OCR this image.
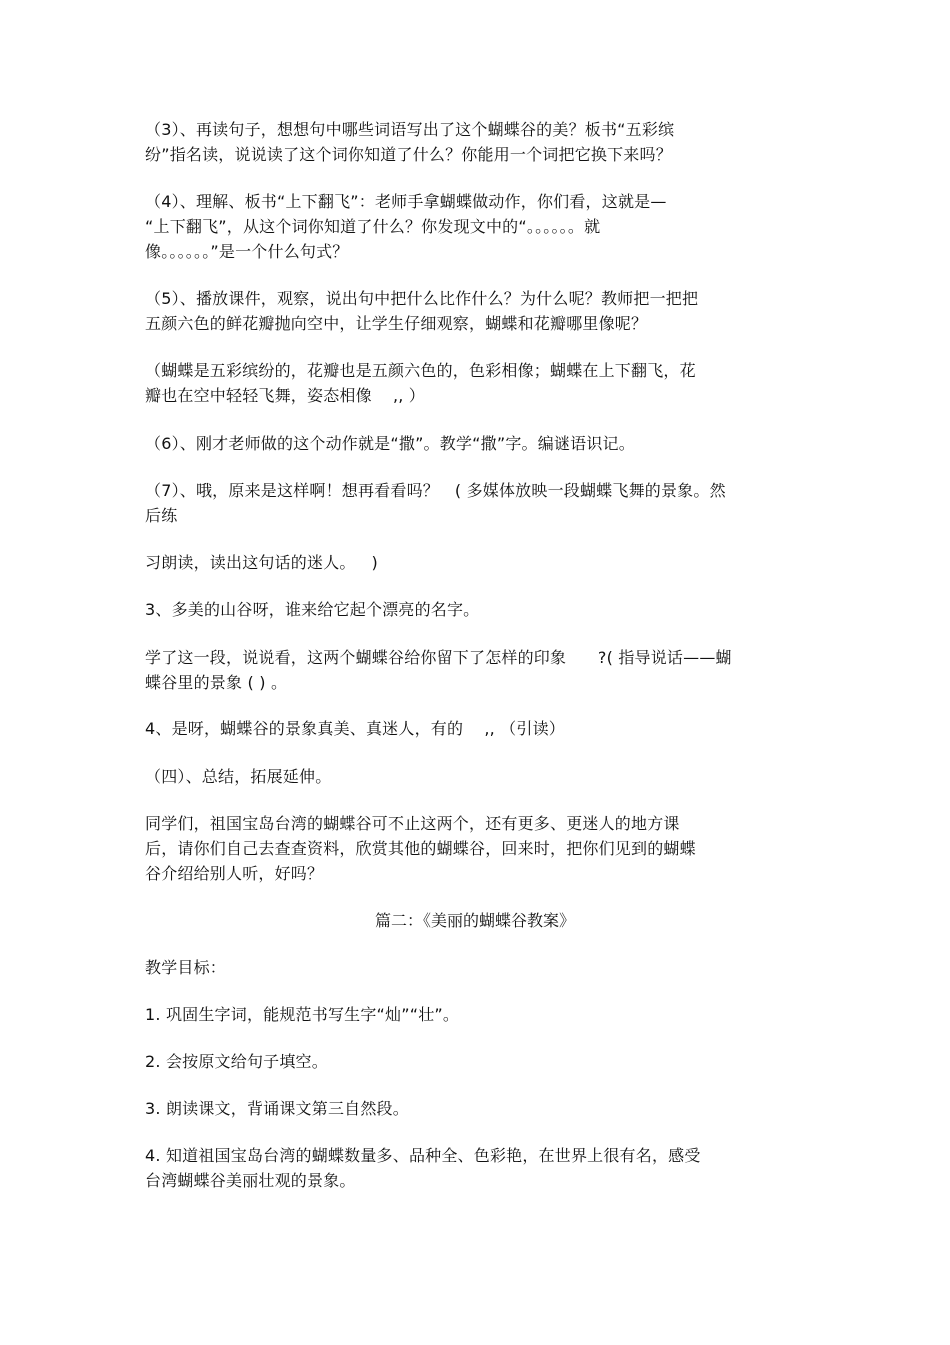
（3）、再读句子，想想句中哪些词语写出了这个蝴蝶谷的美？板书“五彩缤
纷”指名读，说说读了这个词你知道了什么？你能用一个词把它换下来吗？
（4）、理解、板书“上下翻飞”：老师手拿蝴蝶做动作，你们看，这就是—
“上下翻飞”，从这个词你知道了什么？你发现文中的“。。。。。。就
像。。。。。。”是一个什么句式？
（5）、播放课件，观察，说出句中把什么比作什么？为什么呢？教师把一把把
五颜六色的鲜花瓣抛向空中，让学生仔细观察，蝴蝶和花瓣哪里像呢？
（蝴蝶是五彩缤纷的，花瓣也是五颜六色的，色彩相像；蝴蝶在上下翻飞，花
瓣也在空中轻轻飞舞，姿态相像    ,, ）
（6）、刚才老师做的这个动作就是“撒”。教学“撒”字。编谜语识记。
（7）、哦，原来是这样啊！想再看看吗？   ( 多媒体放映一段蝴蝶飞舞的景象。然
后练
习朗读，读出这句话的迷人。   )
3、多美的山谷呀，谁来给它起个漂亮的名字。
学了这一段，说说看，这两个蝴蝶谷给你留下了怎样的印象      ?( 指导说话——蝴
蝶谷里的景象 ( ) 。
4、是呀，蝴蝶谷的景象真美、真迷人，有的    ,, （引读）
（四）、总结，拓展延伸。
同学们，祖国宝岛台湾的蝴蝶谷可不止这两个，还有更多、更迷人的地方课
后，请你们自己去查查资料，欣赏其他的蝴蝶谷，回来时，把你们见到的蝴蝶
谷介绍给别人听，好吗？
篇二：《美丽的蝴蝶谷教案》
教学目标：
1. 巩固生字词，能规范书写生字“灿”“壮”。
2. 会按原文给句子填空。
3. 朗读课文，背诵课文第三自然段。
4. 知道祖国宝岛台湾的蝴蝶数量多、品种全、色彩艳，在世界上很有名，感受
台湾蝴蝶谷美丽壮观的景象。
